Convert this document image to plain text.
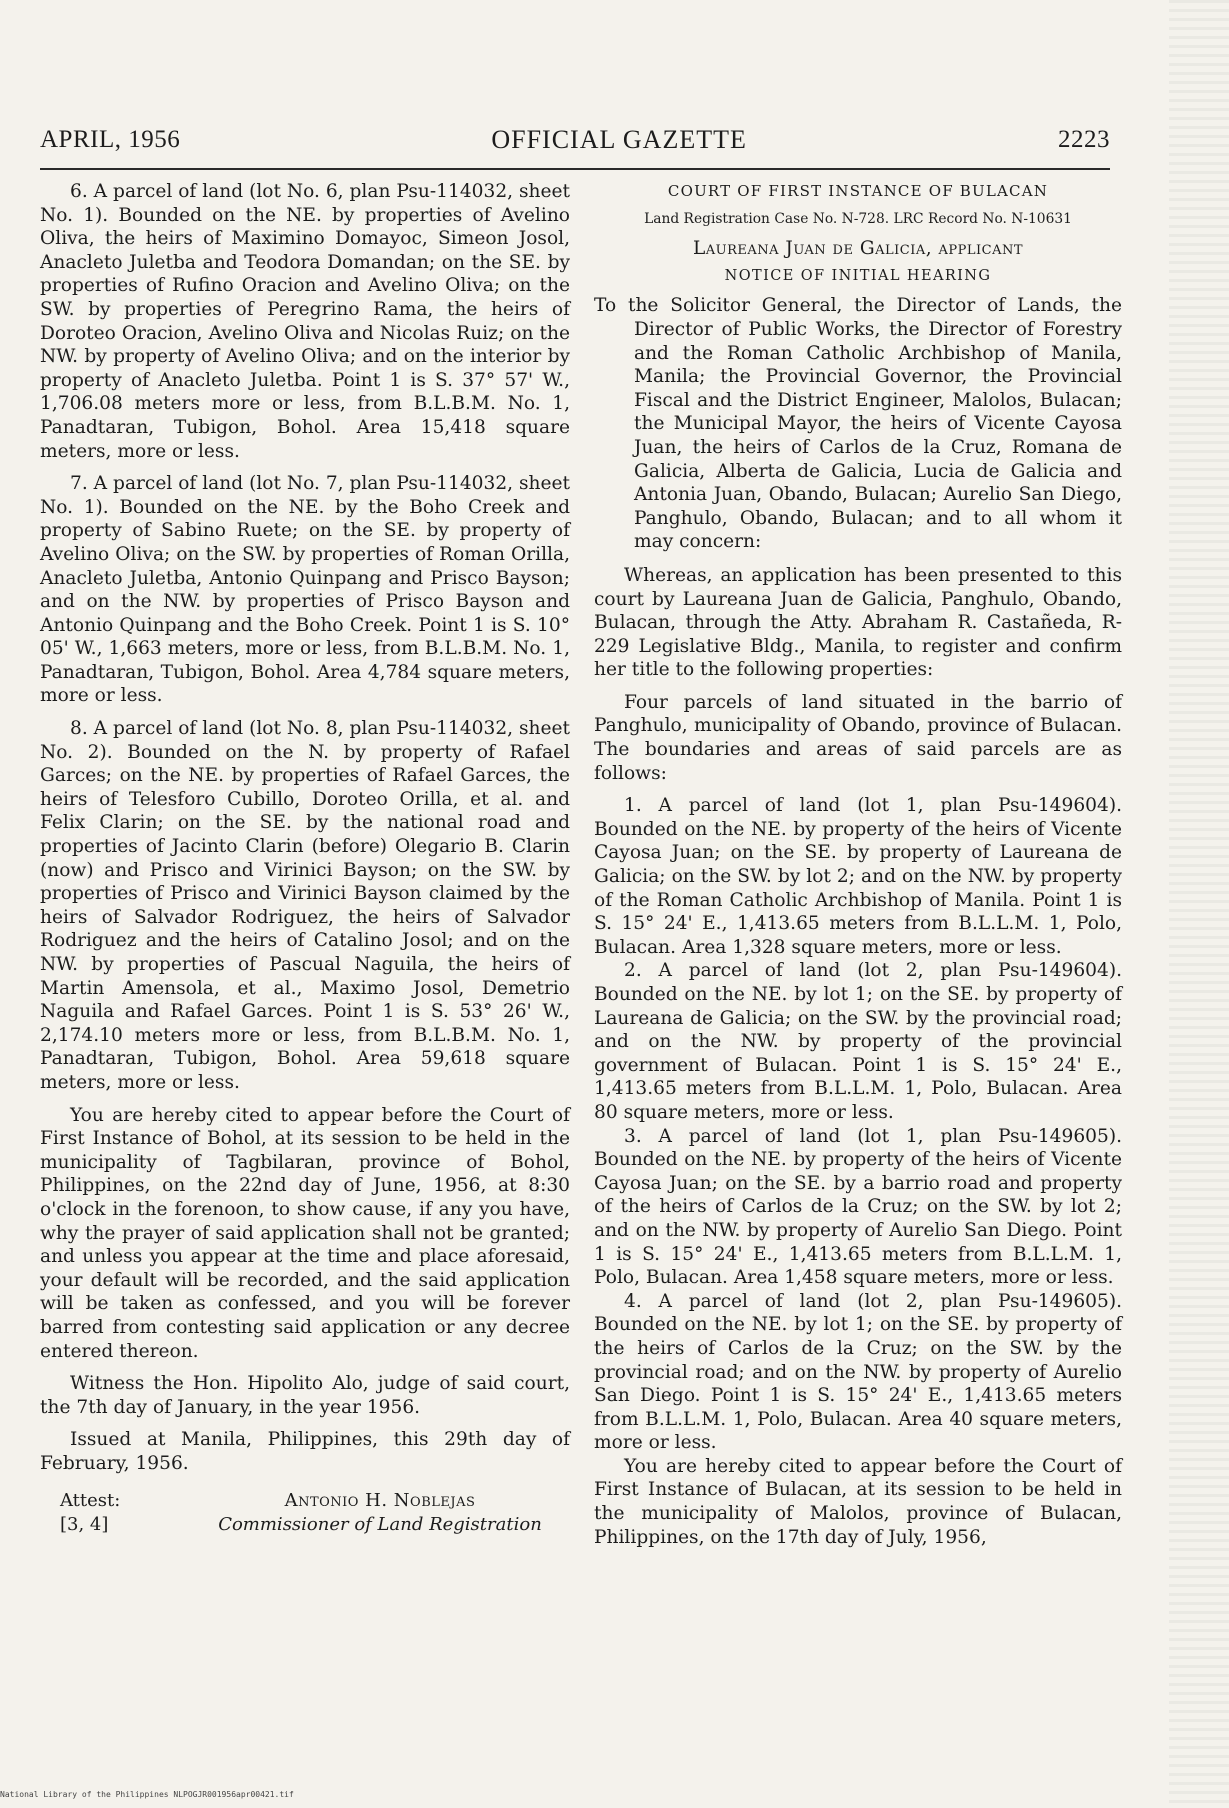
APRIL, 1956	OFFICIAL GAZETTE	2223

6. A parcel of land (lot No. 6, plan Psu-114032, sheet No. 1). Bounded on the NE. by properties of Avelino Oliva, the heirs of Maximino Domayoc, Simeon Josol, Anacleto Juletba and Teodora Domandan; on the SE. by properties of Rufino Oracion and Avelino Oliva; on the SW. by properties of Peregrino Rama, the heirs of Doroteo Oracion, Avelino Oliva and Nicolas Ruiz; on the NW. by property of Avelino Oliva; and on the interior by property of Anacleto Juletba. Point 1 is S. 37° 57' W., 1,706.08 meters more or less, from B.L.B.M. No. 1, Panadtaran, Tubigon, Bohol. Area 15,418 square meters, more or less.

7. A parcel of land (lot No. 7, plan Psu-114032, sheet No. 1). Bounded on the NE. by the Boho Creek and property of Sabino Ruete; on the SE. by property of Avelino Oliva; on the SW. by properties of Roman Orilla, Anacleto Juletba, Antonio Quinpang and Prisco Bayson; and on the NW. by properties of Prisco Bayson and Antonio Quinpang and the Boho Creek. Point 1 is S. 10° 05' W., 1,663 meters, more or less, from B.L.B.M. No. 1, Panadtaran, Tubigon, Bohol. Area 4,784 square meters, more or less.

8. A parcel of land (lot No. 8, plan Psu-114032, sheet No. 2). Bounded on the N. by property of Rafael Garces; on the NE. by properties of Rafael Garces, the heirs of Telesforo Cubillo, Doroteo Orilla, et al. and Felix Clarin; on the SE. by the national road and properties of Jacinto Clarin (before) Olegario B. Clarin (now) and Prisco and Virinici Bayson; on the SW. by properties of Prisco and Virinici Bayson claimed by the heirs of Salvador Rodriguez, the heirs of Salvador Rodriguez and the heirs of Catalino Josol; and on the NW. by properties of Pascual Naguila, the heirs of Martin Amensola, et al., Maximo Josol, Demetrio Naguila and Rafael Garces. Point 1 is S. 53° 26' W., 2,174.10 meters more or less, from B.L.B.M. No. 1, Panadtaran, Tubigon, Bohol. Area 59,618 square meters, more or less.

You are hereby cited to appear before the Court of First Instance of Bohol, at its session to be held in the municipality of Tagbilaran, province of Bohol, Philippines, on the 22nd day of June, 1956, at 8:30 o'clock in the forenoon, to show cause, if any you have, why the prayer of said application shall not be granted; and unless you appear at the time and place aforesaid, your default will be recorded, and the said application will be taken as confessed, and you will be forever barred from contesting said application or any decree entered thereon.

Witness the Hon. Hipolito Alo, judge of said court, the 7th day of January, in the year 1956.

Issued at Manila, Philippines, this 29th day of February, 1956.

Attest:
[3, 4]
Antonio H. Noblejas
Commissioner of Land Registration
COURT OF FIRST INSTANCE OF BULACAN
Land Registration Case No. N-728. LRC Record No. N-10631
Laureana Juan de Galicia, applicant
NOTICE OF INITIAL HEARING

To the Solicitor General, the Director of Lands, the Director of Public Works, the Director of Forestry and the Roman Catholic Archbishop of Manila, Manila; the Provincial Governor, the Provincial Fiscal and the District Engineer, Malolos, Bulacan; the Municipal Mayor, the heirs of Vicente Cayosa Juan, the heirs of Carlos de la Cruz, Romana de Galicia, Alberta de Galicia, Lucia de Galicia and Antonia Juan, Obando, Bulacan; Aurelio San Diego, Panghulo, Obando, Bulacan; and to all whom it may concern:

Whereas, an application has been presented to this court by Laureana Juan de Galicia, Panghulo, Obando, Bulacan, through the Atty. Abraham R. Castañeda, R-229 Legislative Bldg., Manila, to register and confirm her title to the following properties:

Four parcels of land situated in the barrio of Panghulo, municipality of Obando, province of Bulacan. The boundaries and areas of said parcels are as follows:

1. A parcel of land (lot 1, plan Psu-149604). Bounded on the NE. by property of the heirs of Vicente Cayosa Juan; on the SE. by property of Laureana de Galicia; on the SW. by lot 2; and on the NW. by property of the Roman Catholic Archbishop of Manila. Point 1 is S. 15° 24' E., 1,413.65 meters from B.L.L.M. 1, Polo, Bulacan. Area 1,328 square meters, more or less.

2. A parcel of land (lot 2, plan Psu-149604). Bounded on the NE. by lot 1; on the SE. by property of Laureana de Galicia; on the SW. by the provincial road; and on the NW. by property of the provincial government of Bulacan. Point 1 is S. 15° 24' E., 1,413.65 meters from B.L.L.M. 1, Polo, Bulacan. Area 80 square meters, more or less.

3. A parcel of land (lot 1, plan Psu-149605). Bounded on the NE. by property of the heirs of Vicente Cayosa Juan; on the SE. by a barrio road and property of the heirs of Carlos de la Cruz; on the SW. by lot 2; and on the NW. by property of Aurelio San Diego. Point 1 is S. 15° 24' E., 1,413.65 meters from B.L.L.M. 1, Polo, Bulacan. Area 1,458 square meters, more or less.

4. A parcel of land (lot 2, plan Psu-149605). Bounded on the NE. by lot 1; on the SE. by property of the heirs of Carlos de la Cruz; on the SW. by the provincial road; and on the NW. by property of Aurelio San Diego. Point 1 is S. 15° 24' E., 1,413.65 meters from B.L.L.M. 1, Polo, Bulacan. Area 40 square meters, more or less.

You are hereby cited to appear before the Court of First Instance of Bulacan, at its session to be held in the municipality of Malolos, province of Bulacan, Philippines, on the 17th day of July, 1956,

National Library of the Philippines NLPOGJR001956apr00421.tif
